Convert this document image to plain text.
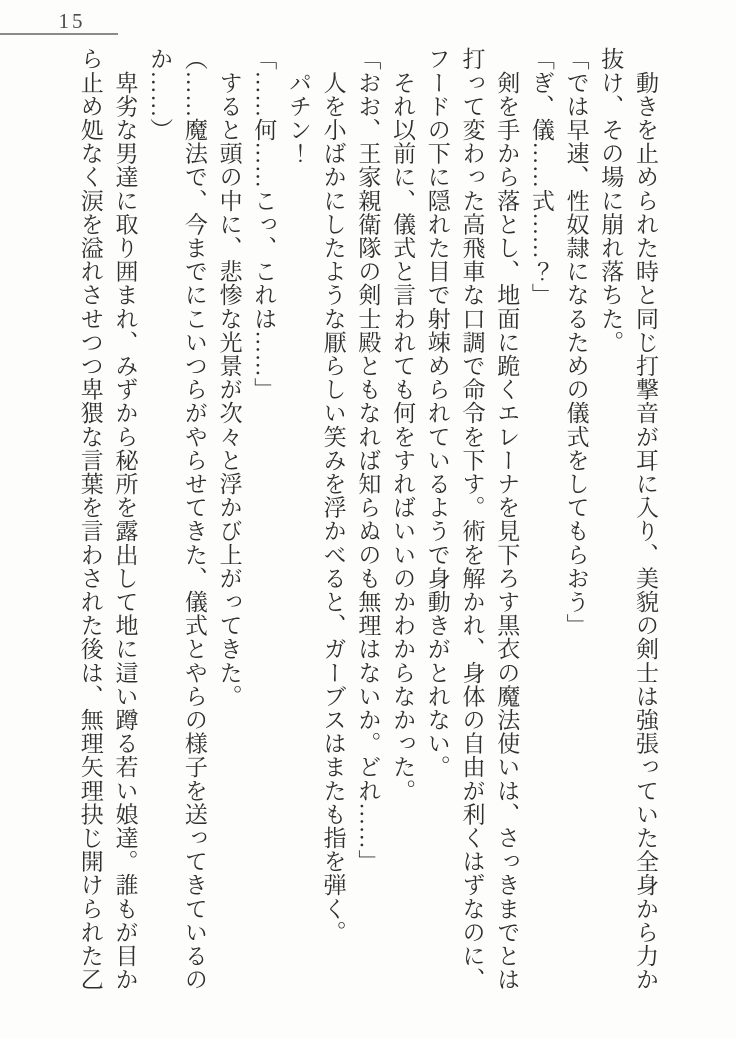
15

　動きを止められた時と同じ打撃音が耳に入り、美貌の剣士は強張っていた全身から力か

抜け、その場に崩れ落ちた。

「では早速、性奴隷になるための儀式をしてもらおう」

「ぎ、儀……式……？」

　剣を手から落とし、地面に跪くエレーナを見下ろす黒衣の魔法使いは、さっきまでとは

打って変わった高飛車な口調で命令を下す。術を解かれ、身体の自由が利くはずなのに、

フードの下に隠れた目で射竦められているようで身動きがとれない。

　それ以前に、儀式と言われても何をすればいいのかわからなかった。

「おお、王家親衛隊の剣士殿ともなれば知らぬのも無理はないか。どれ……」

　人を小ばかにしたような厭らしい笑みを浮かべると、ガーブスはまたも指を弾く。

　パチン！

「……何……こっ、これは……」

　すると頭の中に、悲惨な光景が次々と浮かび上がってきた。

（……魔法で、今までにこいつらがやらせてきた、儀式とやらの様子を送ってきているの

か……）

　卑劣な男達に取り囲まれ、みずから秘所を露出して地に這い蹲る若い娘達。誰もが目か

ら止め処なく涙を溢れさせつつ卑猥な言葉を言わされた後は、無理矢理抉じ開けられた乙
